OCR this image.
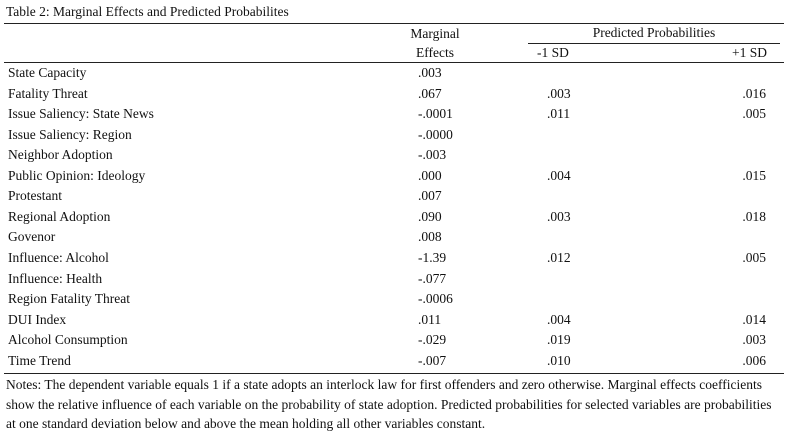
Table 2: Marginal Effects and Predicted Probabilites
Marginal
Effects
Predicted Probabilities
-1 SD	+1 SD
State Capacity	.003
Fatality Threat	.067	.003	.016
Issue Saliency: State News	-.0001	.011	.005
Issue Saliency: Region	-.0000
Neighbor Adoption	-.003
Public Opinion: Ideology	.000	.004	.015
Protestant	.007
Regional Adoption	.090	.003	.018
Govenor	.008
Influence: Alcohol	-1.39	.012	.005
Influence: Health	-.077
Region Fatality Threat	-.0006
DUI Index	.011	.004	.014
Alcohol Consumption	-.029	.019	.003
Time Trend	-.007	.010	.006
Notes: The dependent variable equals 1 if a state adopts an interlock law for first offenders and zero otherwise. Marginal effects coefficients show the relative influence of each variable on the probability of state adoption. Predicted probabilities for selected variables are probabilities at one standard deviation below and above the mean holding all other variables constant.
